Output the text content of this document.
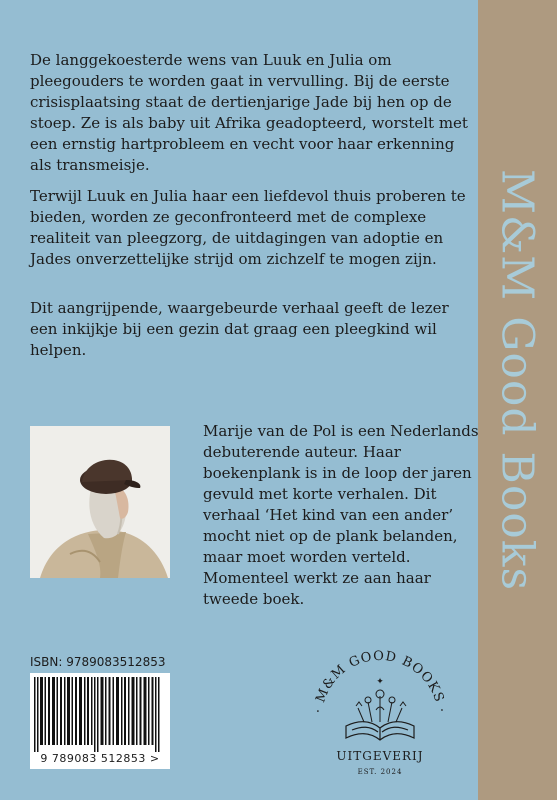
M&M Good Books

De langgekoesterde wens van Luuk en Julia om pleegouders te worden gaat in vervulling. Bij de eerste crisisplaatsing staat de dertienjarige Jade bij hen op de stoep. Ze is als baby uit Afrika geadopteerd, worstelt met een ernstig hartprobleem en vecht voor haar erkenning als transmeisje.

Terwijl Luuk en Julia haar een liefdevol thuis proberen te bieden, worden ze geconfronteerd met de complexe realiteit van pleegzorg, de uitdagingen van adoptie en Jades onverzettelijke strijd om zichzelf te mogen zijn.

Dit aangrijpende, waargebeurde verhaal geeft de lezer een inkijkje bij een gezin dat graag een pleegkind wil helpen.

Marije van de Pol is een Nederlands debuterende auteur. Haar boekenplank is in de loop der jaren gevuld met korte verhalen. Dit verhaal ‘Het kind van een ander’ mocht niet op de plank belanden, maar moet worden verteld. Momenteel werkt ze aan haar tweede boek.

ISBN: 9789083512853
9 789083 512853 >
· M&M GOOD BOOKS ·
✦
UITGEVERIJ
EST. 2024
